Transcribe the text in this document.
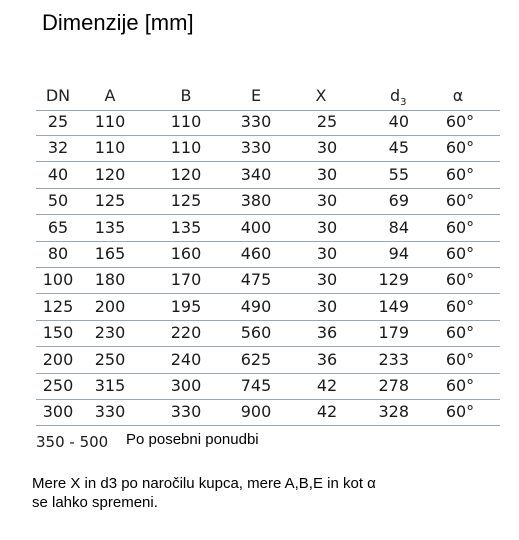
Dimenzije [mm]
DN	A	B	E	X	$d_3$	α
25	110	110	330	25	40	60°
32	110	110	330	30	45	60°
40	120	120	340	30	55	60°
50	125	125	380	30	69	60°
65	135	135	400	30	84	60°
80	165	160	460	30	94	60°
100	180	170	475	30	129	60°
125	200	195	490	30	149	60°
150	230	220	560	36	179	60°
200	250	240	625	36	233	60°
250	315	300	745	42	278	60°
300	330	330	900	42	328	60°
350 - 500 Po posebni ponudbi
Mere X in d3 po naročilu kupca, mere A,B,E in kot α
se lahko spremeni.
